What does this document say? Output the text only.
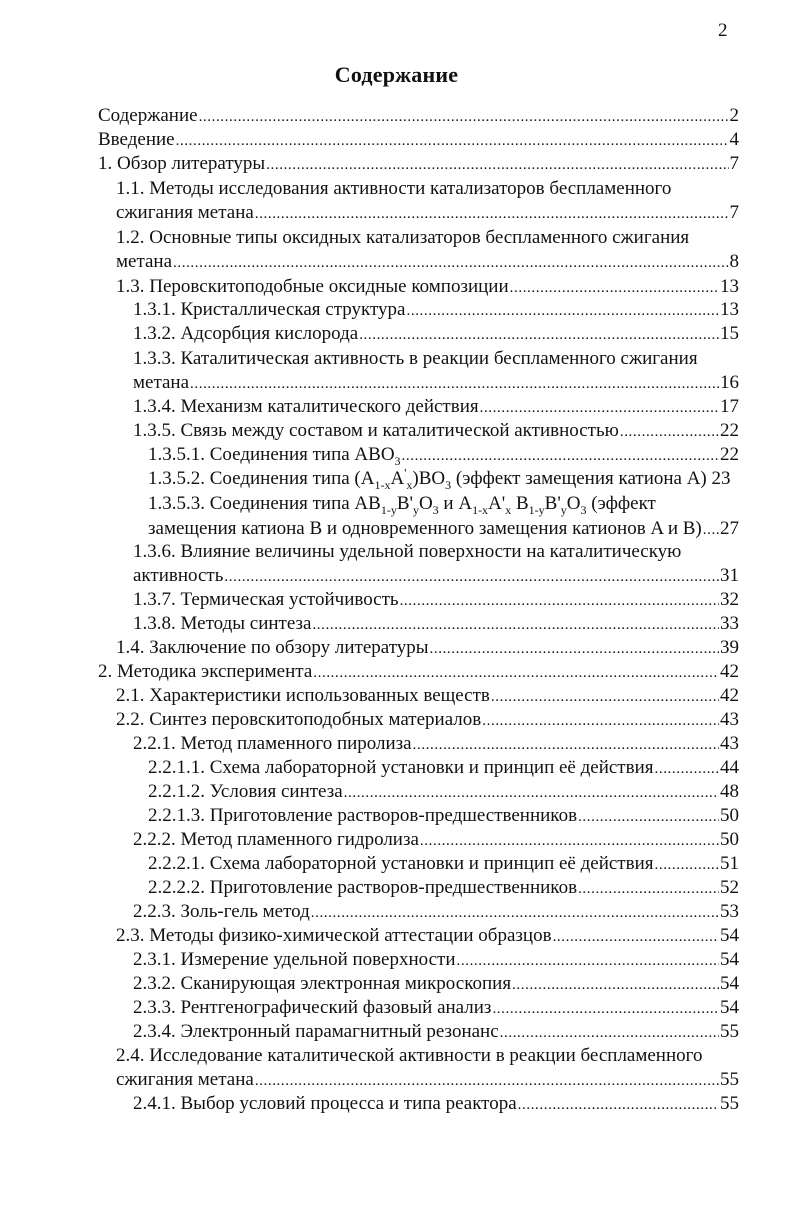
2
Содержание
Содержание .....	2
Введение .....	4
1. Обзор литературы .....	7
1.1. Методы исследования активности катализаторов беспламенного
сжигания метана .....	7
1.2. Основные типы оксидных катализаторов беспламенного сжигания
метана .....	8
1.3. Перовскитоподобные оксидные композиции .....	13
1.3.1. Кристаллическая структура .....	13
1.3.2. Адсорбция кислорода .....	15
1.3.3. Каталитическая активность в реакции беспламенного сжигания
метана .....	16
1.3.4. Механизм каталитического действия .....	17
1.3.5. Связь между составом и каталитической активностью .....	22
1.3.5.1. Соединения типа $ABO_3$ .....	22
1.3.5.2. Соединения типа $(A_{1-x}A'_x)BO_3$ (эффект замещения катиона A) 23
1.3.5.3. Соединения типа $AB_{1-y}B'_yO_3$ и $A_{1-x}A'_x$ $B_{1-y}B'_yO_3$ (эффект
замещения катиона B и одновременного замещения катионов A и B) ..... 27
1.3.6. Влияние величины удельной поверхности на каталитическую
активность .....	31
1.3.7. Термическая устойчивость .....	32
1.3.8. Методы синтеза .....	33
1.4. Заключение по обзору литературы .....	39
2. Методика эксперимента .....	42
2.1. Характеристики использованных веществ .....	42
2.2. Синтез перовскитоподобных материалов .....	43
2.2.1. Метод пламенного пиролиза .....	43
2.2.1.1. Схема лабораторной установки и принцип её действия .....	44
2.2.1.2. Условия синтеза .....	48
2.2.1.3. Приготовление растворов-предшественников .....	50
2.2.2. Метод пламенного гидролиза .....	50
2.2.2.1. Схема лабораторной установки и принцип её действия .....	51
2.2.2.2. Приготовление растворов-предшественников .....	52
2.2.3. Золь-гель метод .....	53
2.3. Методы физико-химической аттестации образцов .....	54
2.3.1. Измерение удельной поверхности .....	54
2.3.2. Сканирующая электронная микроскопия .....	54
2.3.3. Рентгенографический фазовый анализ .....	54
2.3.4. Электронный парамагнитный резонанс .....	55
2.4. Исследование каталитической активности в реакции беспламенного
сжигания метана .....	55
2.4.1. Выбор условий процесса и типа реактора .....	55
